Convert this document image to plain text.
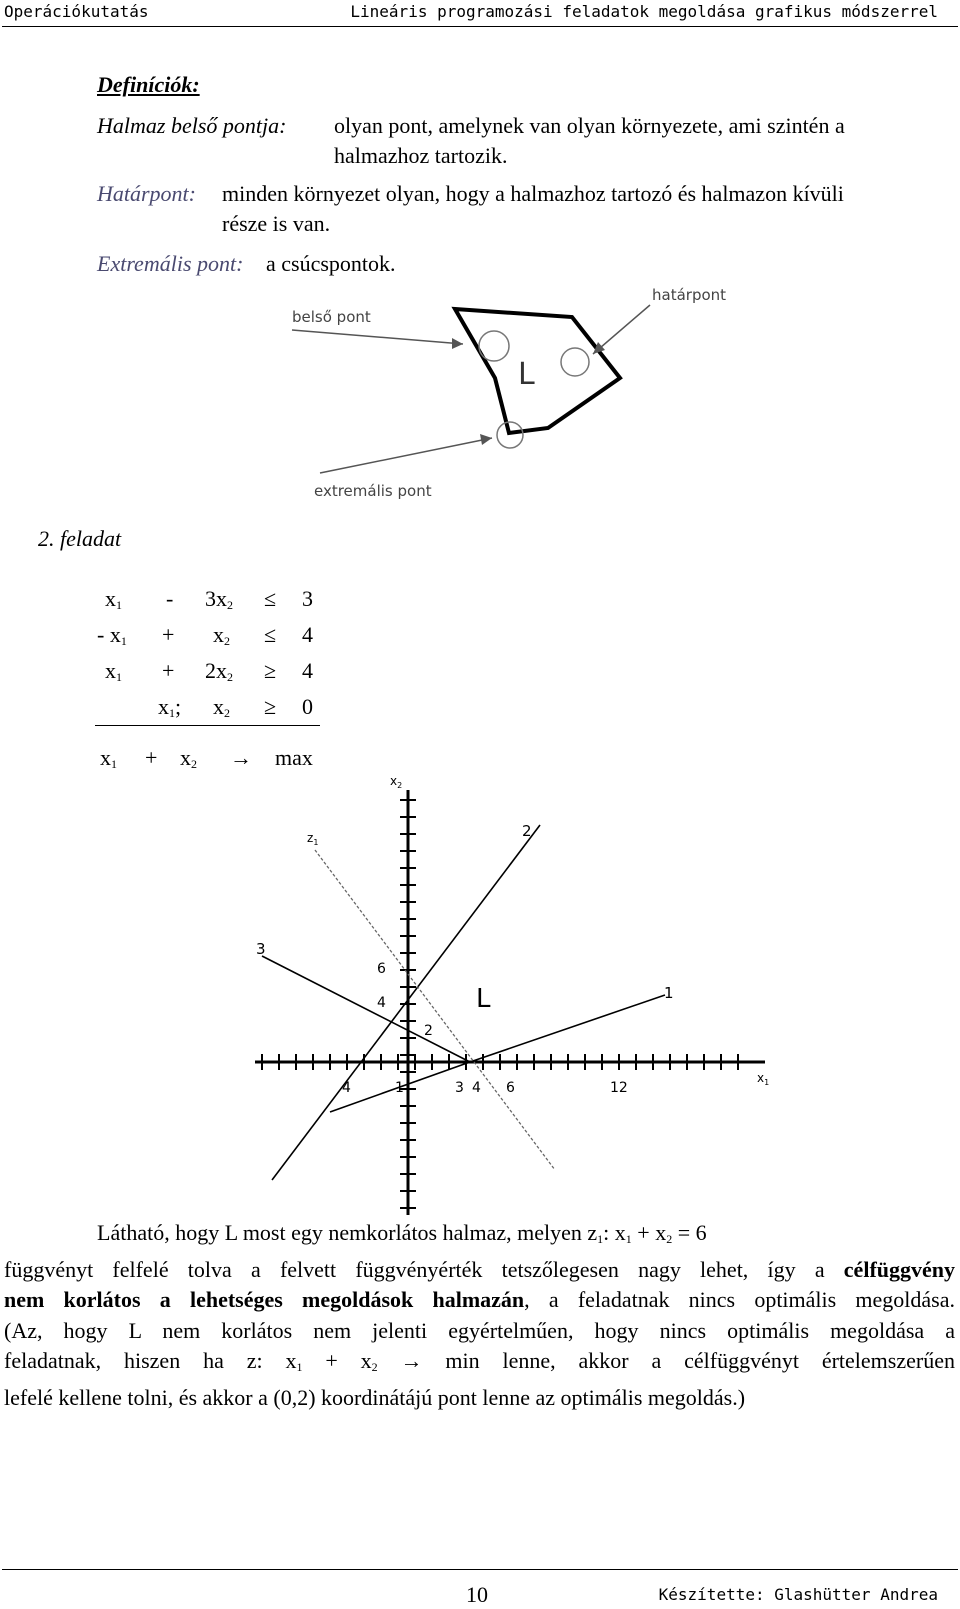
Operációkutatás	Lineáris programozási feladatok megoldása grafikus módszerrel
Definíciók:
Halmaz belső pontja: olyan pont, amelynek van olyan környezete, ami szintén a
halmazhoz tartozik.
Határpont: minden környezet olyan, hogy a halmazhoz tartozó és halmazon kívüli
része is van.
Extremális pont: a csúcspontok.
belső pont
határpont
extremális pont
L
2. feladat
$x_1 - 3x_2 \le 3$
- $x_1 + x_2 \le 4$
$x_1 + 2x_2 \ge 4$
$x_1$; $x_2 \ge 0$
$x_1 + x_2 \to \max$
$x_2$
$x_1$
$z_1$
1
2
3
L
4	1	3 4 6	12
6
4
2
Látható, hogy L most egy nemkorlátos halmaz, melyen $z_1$: $x_1 + x_2 = 6$
függvényt felfelé tolva a felvett függvényérték tetszőlegesen nagy lehet, így a célfüggvény
nem korlátos a lehetséges megoldások halmazán, a feladatnak nincs optimális megoldása.
(Az, hogy L nem korlátos nem jelenti egyértelműen, hogy nincs optimális megoldása a
feladatnak, hiszen ha z: $x_1 + x_2 \to \min$ lenne, akkor a célfüggvényt értelemszerűen
lefelé kellene tolni, és akkor a (0,2) koordinátájú pont lenne az optimális megoldás.)
10	Készítette: Glashütter Andrea
